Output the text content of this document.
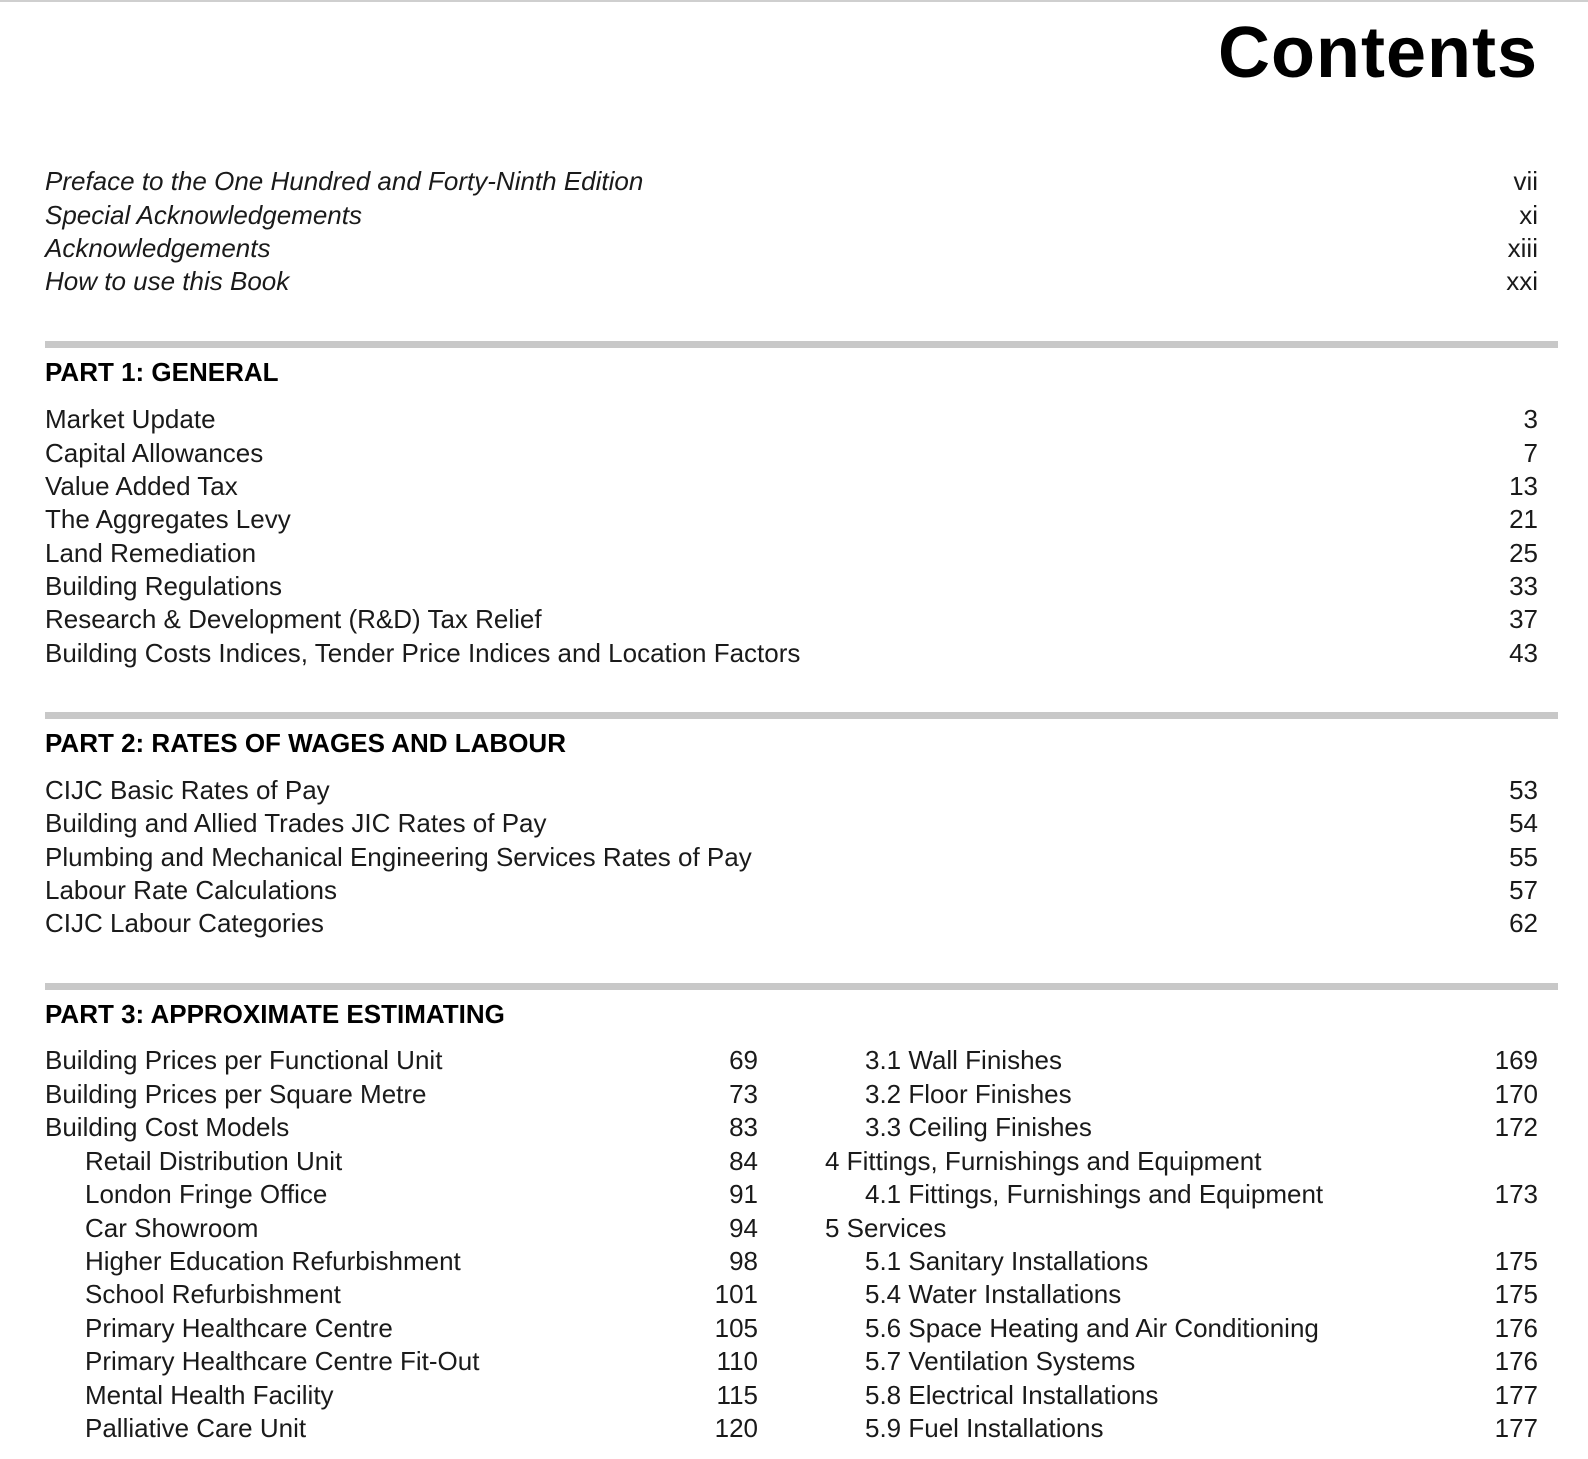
Contents
Preface to the One Hundred and Forty-Ninth Edition	vii
Special Acknowledgements	xi
Acknowledgements	xiii
How to use this Book	xxi
PART 1: GENERAL
Market Update	3
Capital Allowances	7
Value Added Tax	13
The Aggregates Levy	21
Land Remediation	25
Building Regulations	33
Research & Development (R&D) Tax Relief	37
Building Costs Indices, Tender Price Indices and Location Factors	43
PART 2: RATES OF WAGES AND LABOUR
CIJC Basic Rates of Pay	53
Building and Allied Trades JIC Rates of Pay	54
Plumbing and Mechanical Engineering Services Rates of Pay	55
Labour Rate Calculations	57
CIJC Labour Categories	62
PART 3: APPROXIMATE ESTIMATING
Building Prices per Functional Unit	69
Building Prices per Square Metre	73
Building Cost Models	83
Retail Distribution Unit	84
London Fringe Office	91
Car Showroom	94
Higher Education Refurbishment	98
School Refurbishment	101
Primary Healthcare Centre	105
Primary Healthcare Centre Fit-Out	110
Mental Health Facility	115
Palliative Care Unit	120
3.1 Wall Finishes	169
3.2 Floor Finishes	170
3.3 Ceiling Finishes	172
4 Fittings, Furnishings and Equipment
4.1 Fittings, Furnishings and Equipment	173
5 Services
5.1 Sanitary Installations	175
5.4 Water Installations	175
5.6 Space Heating and Air Conditioning	176
5.7 Ventilation Systems	176
5.8 Electrical Installations	177
5.9 Fuel Installations	177
